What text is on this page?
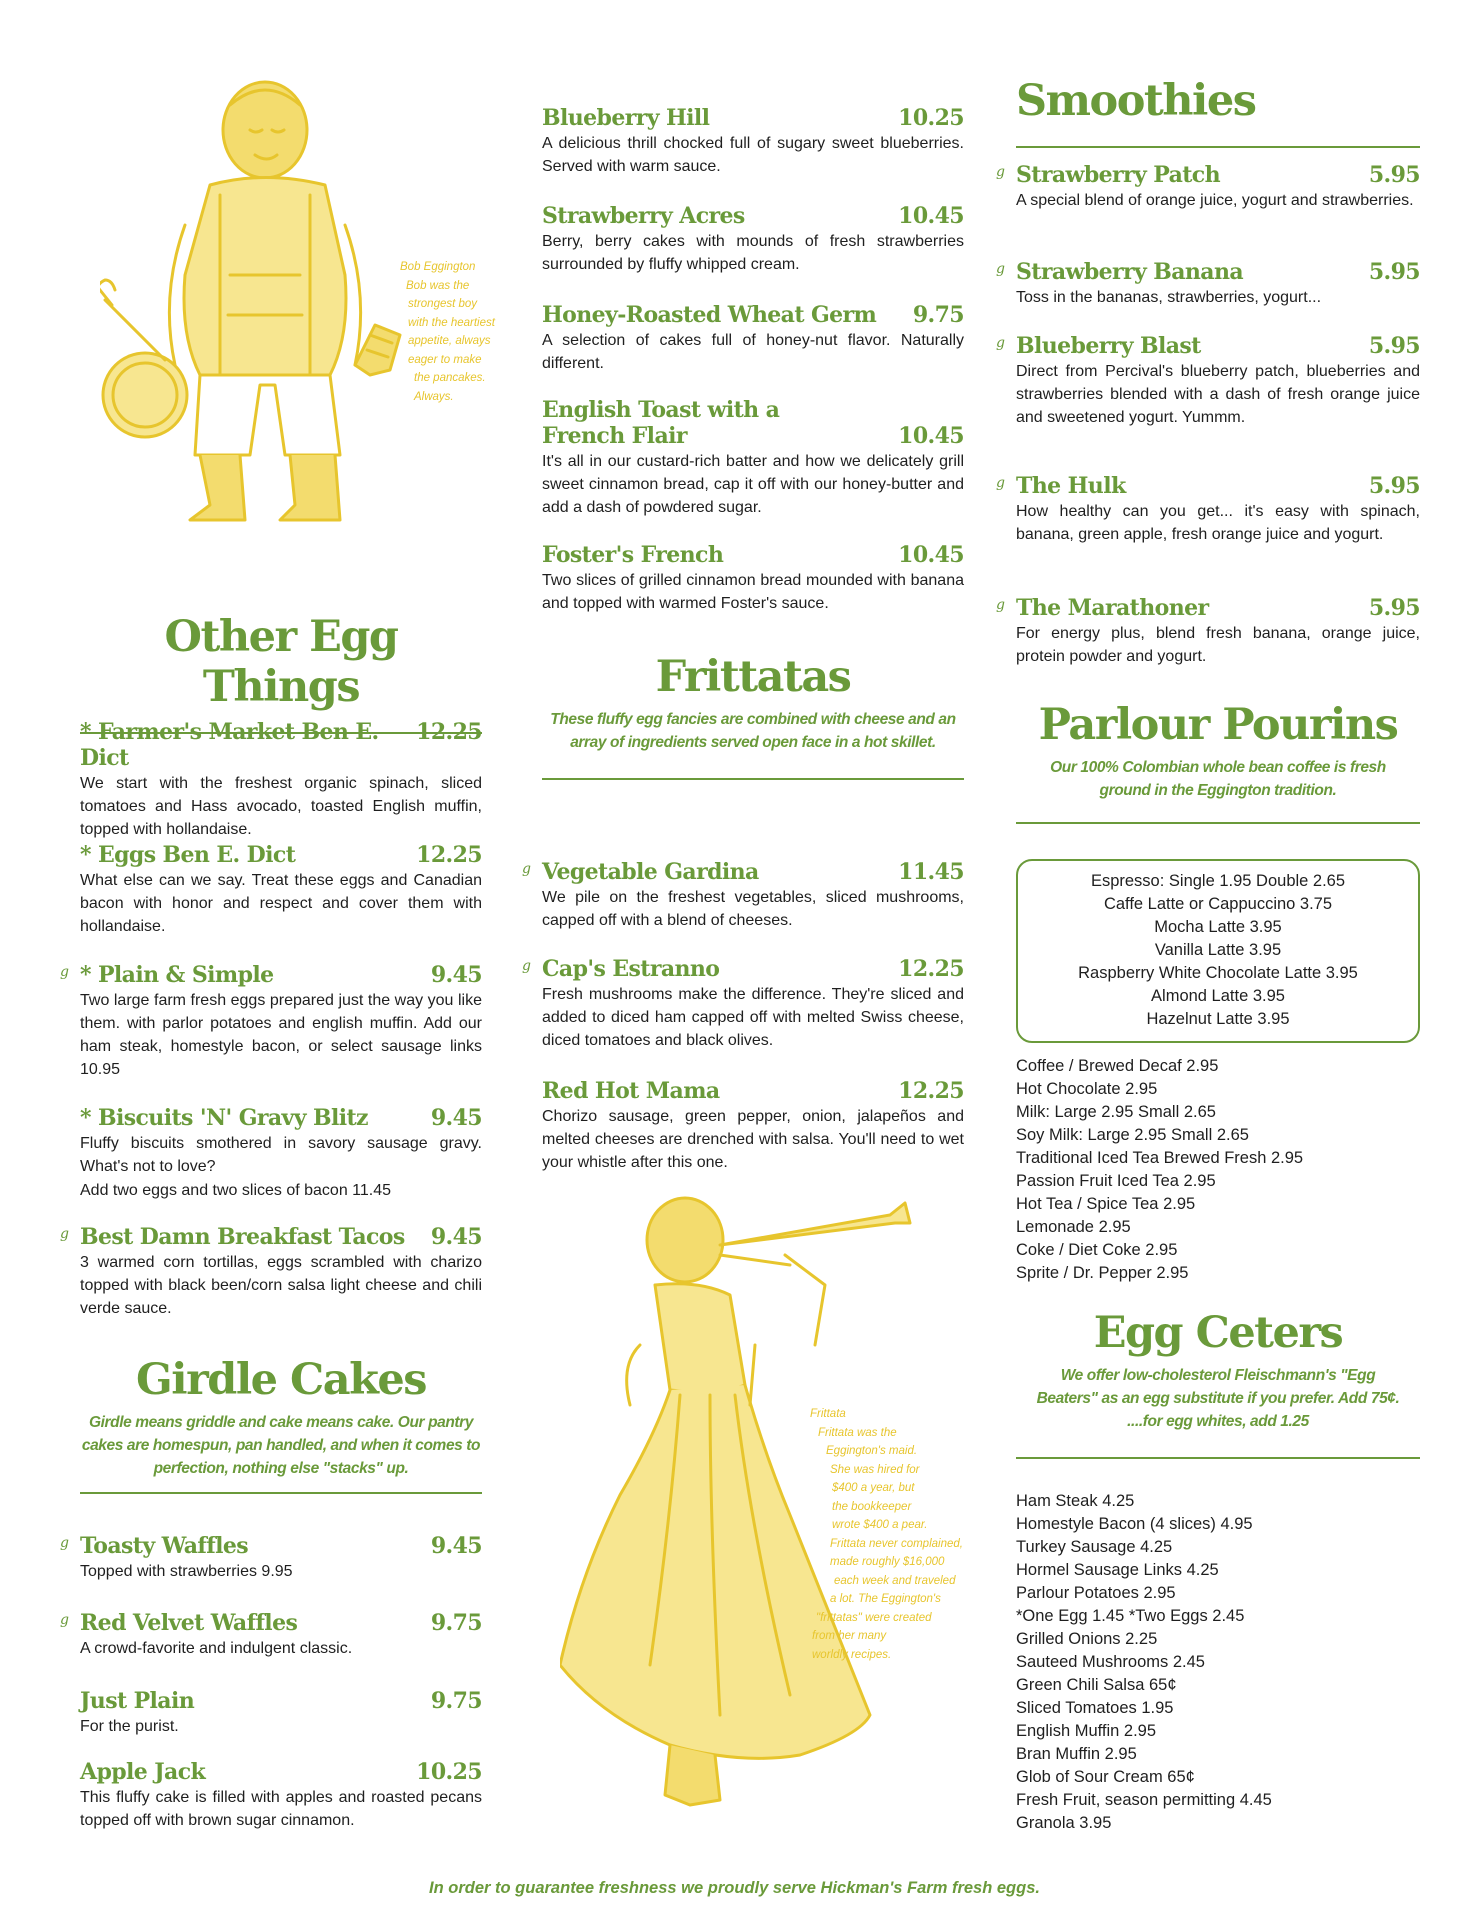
Bob Eggington
Bob was the
strongest boy
with the heartiest
appetite, always
eager to make
the pancakes.
Always.
Frittata
Frittata was the
Eggington's maid.
She was hired for
$400 a year, but
the bookkeeper
wrote $400 a pear.
Frittata never complained,
made roughly $16,000
each week and traveled
a lot. The Eggington's
"frittatas" were created
from her many
worldly recipes.
Other Egg Things
* Farmer's Market Ben E. Dict
12.25
We start with the freshest organic spinach, sliced tomatoes and Hass avocado, toasted English muffin, topped with hollandaise.
* Eggs Ben E. Dict	12.25
What else can we say. Treat these eggs and Canadian bacon with honor and respect and cover them with hollandaise.
g * Plain & Simple	9.45
Two large farm fresh eggs prepared just the way you like them. with parlor potatoes and english muffin. Add our ham steak, homestyle bacon, or select sausage links 10.95
* Biscuits 'N' Gravy Blitz	9.45
Fluffy biscuits smothered in savory sausage gravy. What's not to love?
Add two eggs and two slices of bacon 11.45
g Best Damn Breakfast Tacos 9.45
3 warmed corn tortillas, eggs scrambled with charizo topped with black been/corn salsa light cheese and chili verde sauce.
Girdle Cakes

Girdle means griddle and cake means cake. Our pantry cakes are homespun, pan handled, and when it comes to perfection, nothing else "stacks" up.

g Toasty Waffles	9.45
Topped with strawberries 9.95
g Red Velvet Waffles	9.75
A crowd-favorite and indulgent classic.
Just Plain	9.75
For the purist.
Apple Jack	10.25
This fluffy cake is filled with apples and roasted pecans topped off with brown sugar cinnamon.
Blueberry Hill	10.25
A delicious thrill chocked full of sugary sweet blueberries. Served with warm sauce.
Strawberry Acres	10.45
Berry, berry cakes with mounds of fresh strawberries surrounded by fluffy whipped cream.
Honey-Roasted Wheat Germ 9.75
A selection of cakes full of honey-nut flavor. Naturally different.
English Toast with a
French Flair	10.45
It's all in our custard-rich batter and how we delicately grill sweet cinnamon bread, cap it off with our honey-butter and add a dash of powdered sugar.
Foster's French	10.45
Two slices of grilled cinnamon bread mounded with banana and topped with warmed Foster's sauce.
Frittatas

These fluffy egg fancies are combined with cheese and an array of ingredients served open face in a hot skillet.

g Vegetable Gardina	11.45
We pile on the freshest vegetables, sliced mushrooms, capped off with a blend of cheeses.
g Cap's Estranno	12.25
Fresh mushrooms make the difference. They're sliced and added to diced ham capped off with melted Swiss cheese, diced tomatoes and black olives.
Red Hot Mama	12.25
Chorizo sausage, green pepper, onion, jalapeños and melted cheeses are drenched with salsa. You'll need to wet your whistle after this one.
Smoothies
g Strawberry Patch	5.95
A special blend of orange juice, yogurt and strawberries.
g Strawberry Banana	5.95
Toss in the bananas, strawberries, yogurt...
g Blueberry Blast	5.95
Direct from Percival's blueberry patch, blueberries and strawberries blended with a dash of fresh orange juice and sweetened yogurt. Yummm.
g The Hulk	5.95
How healthy can you get... it's easy with spinach, banana, green apple, fresh orange juice and yogurt.
g The Marathoner	5.95
For energy plus, blend fresh banana, orange juice, protein powder and yogurt.
Parlour Pourins

Our 100% Colombian whole bean coffee is fresh ground in the Eggington tradition.

Espresso: Single 1.95 Double 2.65
Caffe Latte or Cappuccino 3.75
Mocha Latte 3.95
Vanilla Latte 3.95
Raspberry White Chocolate Latte 3.95
Almond Latte 3.95
Hazelnut Latte 3.95
Coffee / Brewed Decaf 2.95
Hot Chocolate 2.95
Milk: Large 2.95 Small 2.65
Soy Milk: Large 2.95 Small 2.65
Traditional Iced Tea Brewed Fresh 2.95
Passion Fruit Iced Tea 2.95
Hot Tea / Spice Tea 2.95
Lemonade 2.95
Coke / Diet Coke 2.95
Sprite / Dr. Pepper 2.95
Egg Ceters

We offer low-cholesterol Fleischmann's "Egg Beaters" as an egg substitute if you prefer. Add 75¢. ....for egg whites, add 1.25

Ham Steak 4.25
Homestyle Bacon (4 slices) 4.95
Turkey Sausage 4.25
Hormel Sausage Links 4.25
Parlour Potatoes 2.95
*One Egg 1.45 *Two Eggs 2.45
Grilled Onions 2.25
Sauteed Mushrooms 2.45
Green Chili Salsa 65¢
Sliced Tomatoes 1.95
English Muffin 2.95
Bran Muffin 2.95
Glob of Sour Cream 65¢
Fresh Fruit, season permitting 4.45
Granola 3.95
In order to guarantee freshness we proudly serve Hickman's Farm fresh eggs.
